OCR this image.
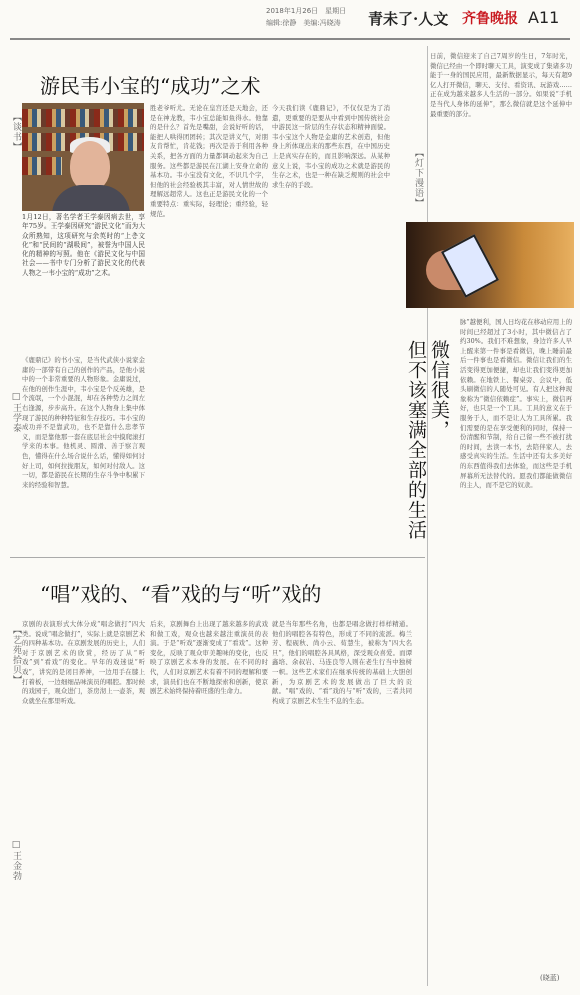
2018年1月26日　星期日
编辑:徐静　美编:冯晓涛 青未了·人文 齐鲁晚报 A11
游民韦小宝的“成功”之术
【谈书】
1月12日，著名学者王学泰因病去世，享年75岁。王学泰因研究“游民文化”而为大众所熟知，这项研究与余英时的“上층文化”和“民间的“湖吸间”，被誉为中国人民化的精神的写照。他在《游民文化与中国社会——书中专门分析了游民文化的代表人物之一韦小宝的“成功”之术。
□王学泰
《鹿鼎记》的书小宝，是当代武侠小说家金庸的一部带有自己的创作的产品，是他小说中的一个非常重要的人物形象。金庸说过，在他的创作生涯中，韦小宝是个反英雄，是个流氓，一个小混混，却在各种势力之间左右逢源，步步高升。在这个人物身上集中体现了游民的种种特征和生存技巧。韦小宝的成功并不是靠武功，也不是靠什么忠孝节义，而是靠他那一套在底层社会中摸爬滚打学来的本事。他机灵、圆滑、善于察言观色，懂得在什么场合说什么话，懂得如何讨好上司，如何拉拢朋友，如何对付敌人。这一切，都是游民在长期的生存斗争中积累下来的经验和智慧。
胜老爷听尤。无论在皇宫还是天地会，还是在神龙教，韦小宝总能如鱼得水。他靠的是什么？首先是嘴甜，会说好听的话，能把人哄得团团转；其次是讲义气，对朋友肯帮忙，肯花钱；再次是善于利用各种关系，把各方面的力量都调动起来为自己服务。这些都是游民在江湖上安身立命的基本功。韦小宝没有文化，不识几个字，但他的社会经验极其丰富，对人情世故的理解远超常人。这也正是游民文化的一个重要特点：重实际，轻理论；重经验，轻规范。
今天我们读《鹿鼎记》，不仅仅是为了消遣，更重要的是要从中看到中国传统社会中游民这一阶层的生存状态和精神面貌。韦小宝这个人物是金庸的艺术创造，但他身上所体现出来的那些东西，在中国历史上是真实存在的，而且影响深远。从某种意义上说，韦小宝的成功之术就是游民的生存之术，也是一种在缺乏规则的社会中求生存的手段。
“唱”戏的、“看”戏的与“听”戏的
【艺苑拾贝】
□王金勃
京剧的表演形式大体分成“唱念做打”四大类。说成“唱念做打”，实际上就是京剧艺术的四种基本功。在京剧发展的历史上，人们对于京剧艺术的欣赏，经历了从“听戏”到“看戏”的变化。早年的戏迷说“听戏”，讲究的是闭目养神，一边用手在膝上打着板，一边细细品味演员的唱腔。那时候的戏园子，观众进门，茶房沏上一壶茶，观众就坐在那里听戏。
后来，京剧舞台上出现了越来越多的武戏和做工戏，观众也越来越注重演员的表演。于是“听戏”逐渐变成了“看戏”。这种变化，反映了观众审美趣味的变化，也反映了京剧艺术本身的发展。在不同的时代，人们对京剧艺术有着不同的理解和要求，演员们也在不断地探索和创新，使京剧艺术始终保持着旺盛的生命力。
就是当年那些名角，也都是唱念做打样样精通。他们的唱腔各有特色，形成了不同的流派。梅兰芳、程砚秋、尚小云、荀慧生，被称为“四大名旦”，他们的唱腔各具风格，深受观众喜爱。而谭鑫培、余叔岩、马连良等人则在老生行当中独树一帜。这些艺术家们在继承传统的基础上大胆创新，为京剧艺术的发展做出了巨大的贡献。“唱”戏的、“看”戏的与“听”戏的，三者共同构成了京剧艺术生生不息的生态。
【灯下漫语】
日前，微信迎来了自己7周岁的生日，7年时光，微信已经由一个即时聊天工具，演变成了集诸多功能于一身的国民应用，最新数据显示，每天有超9亿人打开微信，聊天、支付、看资讯、玩游戏……正在成为越来越多人生活的一部分。如果说“手机是当代人身体的延伸”，那么微信就是这个延伸中最重要的部分。
微信很美，
但不该塞满全部的生活
脉”越便利，国人日均花在移动应用上的时间已经超过了3小时，其中微信占了约30%。我们不难想象，身边许多人早上醒来第一件事是看微信，晚上睡前最后一件事也是看微信。微信让我们的生活变得更加便捷，却也让我们变得更加依赖。在地铁上、餐桌旁、会议中，低头刷微信的人随处可见。有人把这种现象称为“微信依赖症”。事实上，微信再好，也只是一个工具。工具的意义在于服务于人，而不是让人为工具所累。我们需要的是在享受便利的同时，保持一份清醒和节制，给自己留一些不被打扰的时间，去读一本书，去陪伴家人，去感受真实的生活。生活中还有太多美好的东西值得我们去体验，而这些是手机屏幕所无法替代的。愿我们都能做微信的主人，而不是它的奴隶。
(晓蓝)
